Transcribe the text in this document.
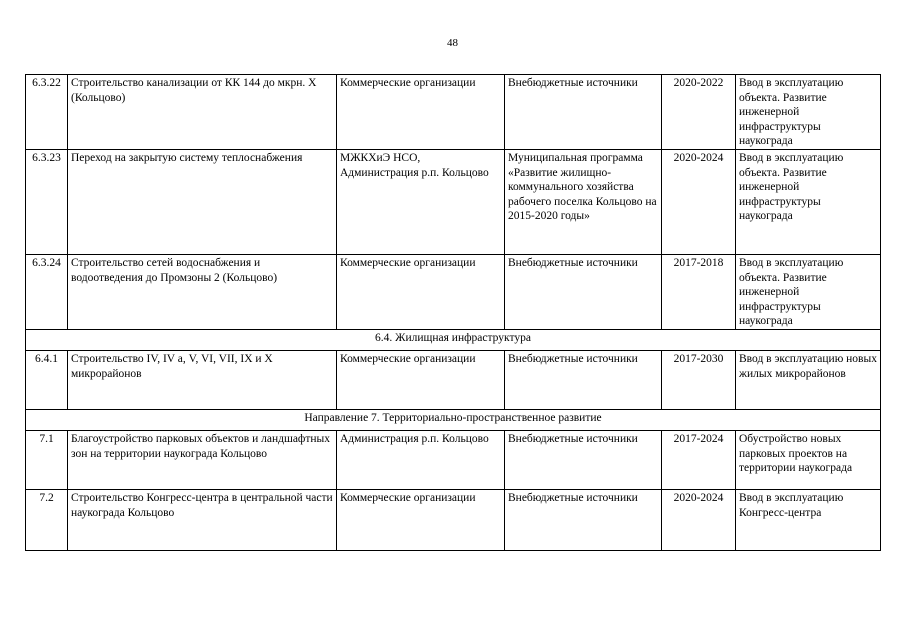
48
6.3.22	Строительство канализации от КК 144 до мкрн. Х (Кольцово)	Коммерческие организации	Внебюджетные источники	2020-2022	Ввод в эксплуатацию объекта. Развитие инженерной инфраструктуры наукограда
6.3.23	Переход на закрытую систему теплоснабжения	МЖКХиЭ НСО, Администрация р.п. Кольцово	Муниципальная программа «Развитие жилищно-коммунального хозяйства рабочего поселка Кольцово на 2015-2020 годы»	2020-2024	Ввод в эксплуатацию объекта. Развитие инженерной инфраструктуры наукограда
6.3.24	Строительство сетей водоснабжения и водоотведения до Промзоны 2 (Кольцово)	Коммерческие организации	Внебюджетные источники	2017-2018	Ввод в эксплуатацию объекта. Развитие инженерной инфраструктуры наукограда
6.4. Жилищная инфраструктура					
6.4.1	Строительство IV, IV а, V, VI, VII, IX и X микрорайонов	Коммерческие организации	Внебюджетные источники	2017-2030	Ввод в эксплуатацию новых жилых микрорайонов
Направление 7. Территориально-пространственное развитие					
7.1	Благоустройство парковых объектов и ландшафтных зон на территории наукограда Кольцово	Администрация р.п. Кольцово	Внебюджетные источники	2017-2024	Обустройство новых парковых проектов на территории наукограда
7.2	Строительство Конгресс-центра в центральной части наукограда Кольцово	Коммерческие организации	Внебюджетные источники	2020-2024	Ввод в эксплуатацию Конгресс-центра
